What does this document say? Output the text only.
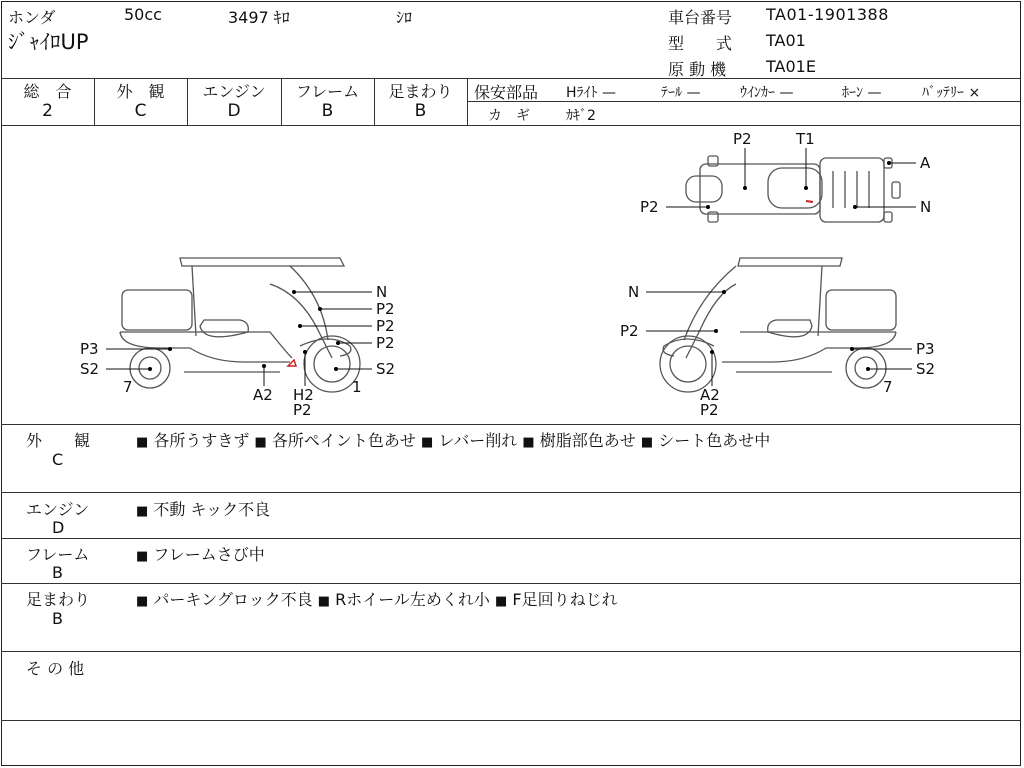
ホンダ	50cc	3497 ｷﾛ	ｼﾛ
ｼﾞｬｲﾛUP
車台番号 TA01-1901388
型　　式 TA01
原 動 機 TA01E
総　合
2
外　観
C
エンジン
D
フレーム
B
足まわり
B
保安部品 Hﾗｲﾄ —	ﾃｰﾙ —	ｳｲﾝｶｰ —	ﾎｰﾝ —	ﾊﾞｯﾃﾘｰ ×
カ　ギ	ｶｷﾞ2
P2	T1
A
P2	N
N
P2
P2
P2
P3
S2	S2
7	A2 H2
P2
1
N
P2
P3
S2
7
A2
P2
外　　観
C
■ 各所うすきず ■ 各所ペイント色あせ ■ レバー削れ ■ 樹脂部色あせ ■ シート色あせ中
エンジン
D
■ 不動 キック不良
フレーム
B
■ フレームさび中
足まわり
B
■ パーキングロック不良 ■ Rホイール左めくれ小 ■ F足回りねじれ
そ の 他
